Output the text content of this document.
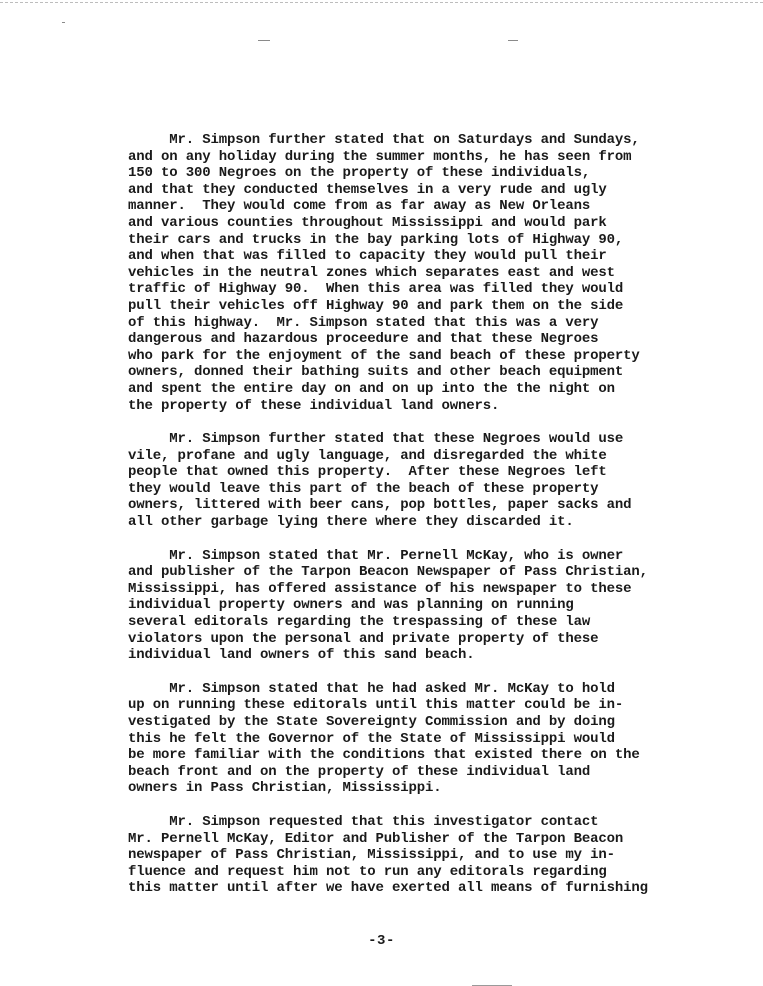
Mr. Simpson further stated that on Saturdays and Sundays,
and on any holiday during the summer months, he has seen from
150 to 300 Negroes on the property of these individuals,
and that they conducted themselves in a very rude and ugly
manner.  They would come from as far away as New Orleans
and various counties throughout Mississippi and would park
their cars and trucks in the bay parking lots of Highway 90,
and when that was filled to capacity they would pull their
vehicles in the neutral zones which separates east and west
traffic of Highway 90.  When this area was filled they would
pull their vehicles off Highway 90 and park them on the side
of this highway.  Mr. Simpson stated that this was a very
dangerous and hazardous proceedure and that these Negroes
who park for the enjoyment of the sand beach of these property
owners, donned their bathing suits and other beach equipment
and spent the entire day on and on up into the the night on
the property of these individual land owners.

Mr. Simpson further stated that these Negroes would use
vile, profane and ugly language, and disregarded the white
people that owned this property.  After these Negroes left
they would leave this part of the beach of these property
owners, littered with beer cans, pop bottles, paper sacks and
all other garbage lying there where they discarded it.

Mr. Simpson stated that Mr. Pernell McKay, who is owner
and publisher of the Tarpon Beacon Newspaper of Pass Christian,
Mississippi, has offered assistance of his newspaper to these
individual property owners and was planning on running
several editorals regarding the trespassing of these law
violators upon the personal and private property of these
individual land owners of this sand beach.

Mr. Simpson stated that he had asked Mr. McKay to hold
up on running these editorals until this matter could be in-
vestigated by the State Sovereignty Commission and by doing
this he felt the Governor of the State of Mississippi would
be more familiar with the conditions that existed there on the
beach front and on the property of these individual land
owners in Pass Christian, Mississippi.

Mr. Simpson requested that this investigator contact
Mr. Pernell McKay, Editor and Publisher of the Tarpon Beacon
newspaper of Pass Christian, Mississippi, and to use my in-
fluence and request him not to run any editorals regarding
this matter until after we have exerted all means of furnishing

-3-
